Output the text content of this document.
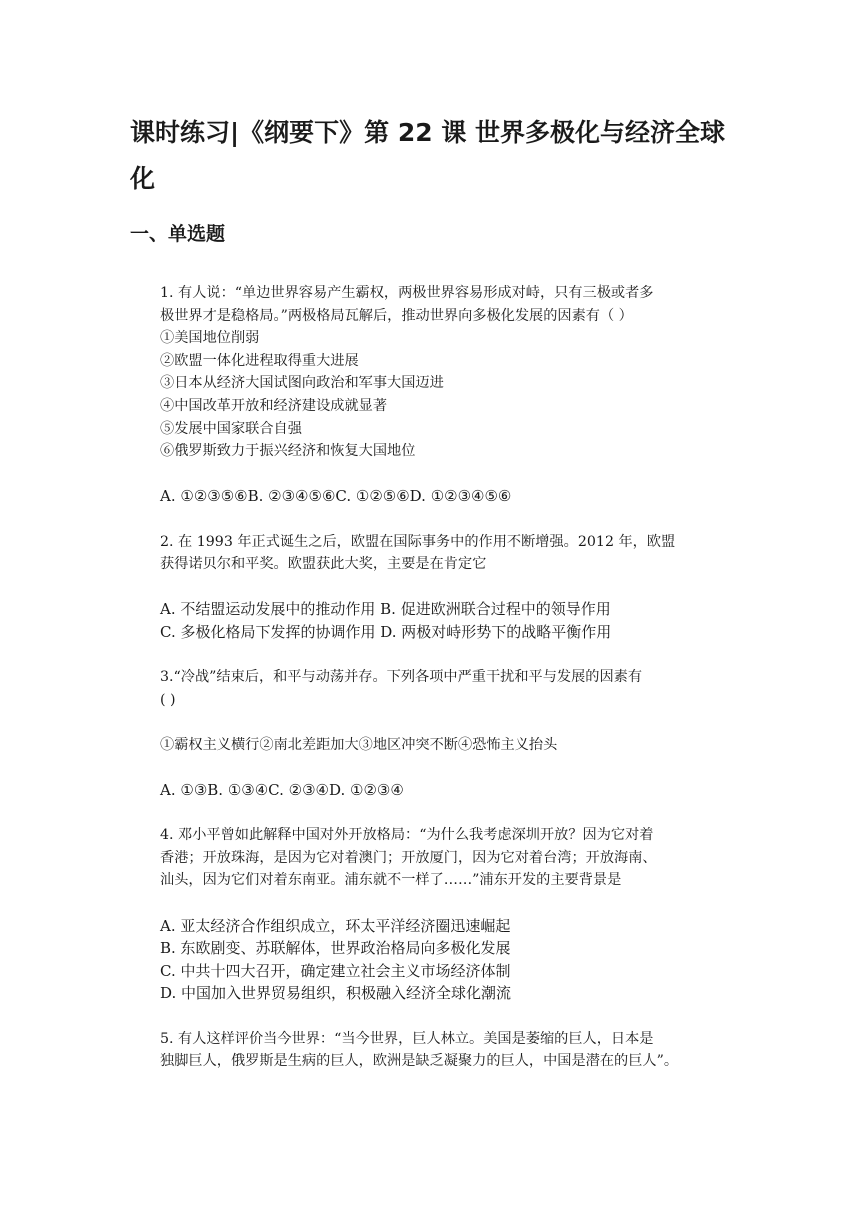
课时练习|《纲要下》第 22 课 世界多极化与经济全球
化
一、单选题

1. 有人说：“单边世界容易产生霸权，两极世界容易形成对峙，只有三极或者多

极世界才是稳格局。”两极格局瓦解后，推动世界向多极化发展的因素有（ ）

①美国地位削弱

②欧盟一体化进程取得重大进展

③日本从经济大国试图向政治和军事大国迈进

④中国改革开放和经济建设成就显著

⑤发展中国家联合自强

⑥俄罗斯致力于振兴经济和恢复大国地位

A. ①②③⑤⑥B. ②③④⑤⑥C. ①②⑤⑥D. ①②③④⑤⑥

2. 在 1993 年正式诞生之后，欧盟在国际事务中的作用不断增强。2012 年，欧盟

获得诺贝尔和平奖。欧盟获此大奖，主要是在肯定它

A. 不结盟运动发展中的推动作用 B. 促进欧洲联合过程中的领导作用

C. 多极化格局下发挥的协调作用 D. 两极对峙形势下的战略平衡作用

3.“冷战”结束后，和平与动荡并存。下列各项中严重干扰和平与发展的因素有

( )

①霸权主义横行②南北差距加大③地区冲突不断④恐怖主义抬头

A. ①③B. ①③④C. ②③④D. ①②③④

4. 邓小平曾如此解释中国对外开放格局：“为什么我考虑深圳开放？因为它对着

香港；开放珠海，是因为它对着澳门；开放厦门，因为它对着台湾；开放海南、

汕头，因为它们对着东南亚。浦东就不一样了……”浦东开发的主要背景是

A. 亚太经济合作组织成立，环太平洋经济圈迅速崛起

B. 东欧剧变、苏联解体，世界政治格局向多极化发展

C. 中共十四大召开，确定建立社会主义市场经济体制

D. 中国加入世界贸易组织，积极融入经济全球化潮流

5. 有人这样评价当今世界：“当今世界，巨人林立。美国是萎缩的巨人，日本是

独脚巨人，俄罗斯是生病的巨人，欧洲是缺乏凝聚力的巨人，中国是潜在的巨人”。
